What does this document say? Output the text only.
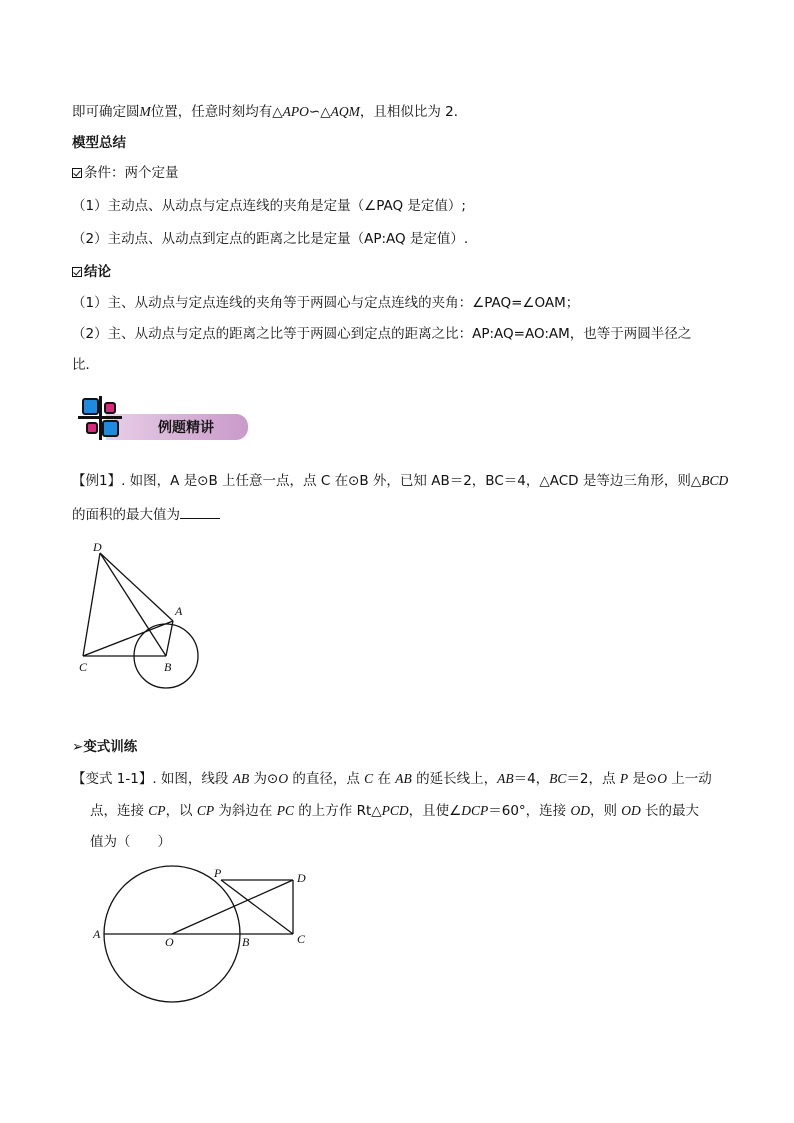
即可确定圆M位置，任意时刻均有△APO∽△AQM，且相似比为 2．
模型总结
条件：两个定量
（1）主动点、从动点与定点连线的夹角是定量（∠PAQ 是定值）;
（2）主动点、从动点到定点的距离之比是定量（AP:AQ 是定值）.
结论
（1）主、从动点与定点连线的夹角等于两圆心与定点连线的夹角：∠PAQ=∠OAM；
（2）主、从动点与定点的距离之比等于两圆心到定点的距离之比：AP:AQ=AO:AM，也等于两圆半径之
比．
例题精讲
【例1】. 如图，A 是⊙B 上任意一点，点 C 在⊙B 外，已知 AB＝2，BC＝4，△ACD 是等边三角形，则△BCD
的面积的最大值为
D
A
C	B
➢变式训练
【变式 1-1】. 如图，线段 AB 为⊙O 的直径，点 C 在 AB 的延长线上，AB＝4，BC＝2，点 P 是⊙O 上一动
点，连接 CP，以 CP 为斜边在 PC 的上方作 Rt△PCD，且使∠DCP＝60°，连接 OD，则 OD 长的最大
值为（　　）
P	D
A
O	B	C
